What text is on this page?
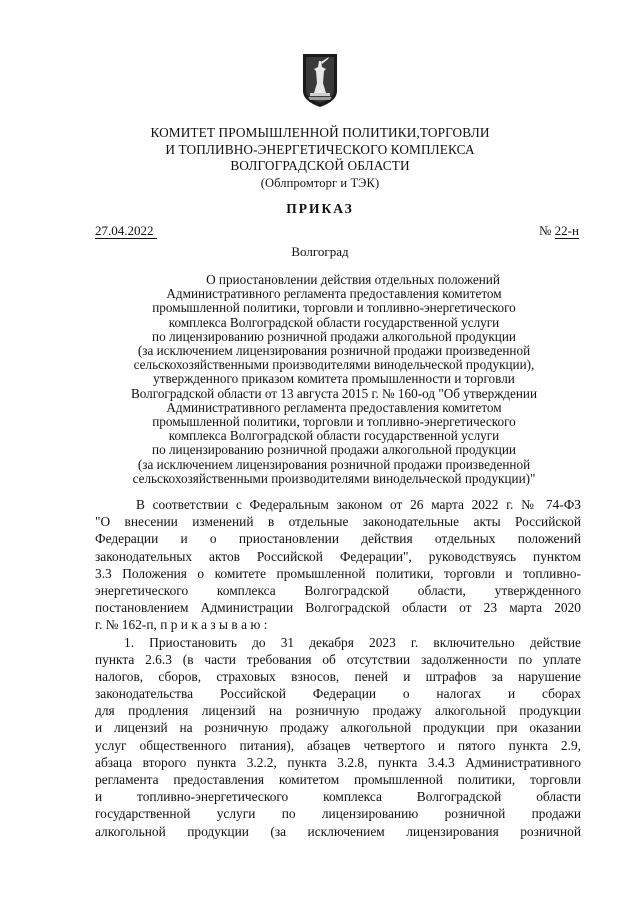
КОМИТЕТ ПРОМЫШЛЕННОЙ ПОЛИТИКИ,ТОРГОВЛИ
И ТОПЛИВНО-ЭНЕРГЕТИЧЕСКОГО КОМПЛЕКСА
ВОЛГОГРАДСКОЙ ОБЛАСТИ
(Облпромторг и ТЭК)
ПРИКАЗ
27.04.2022	№ 22-н
Волгоград
О приостановлении действия отдельных положений
Административного регламента предоставления комитетом
промышленной политики, торговли и топливно-энергетического
комплекса Волгоградской области государственной услуги
по лицензированию розничной продажи алкогольной продукции
(за исключением лицензирования розничной продажи произведенной
сельскохозяйственными производителями винодельческой продукции),
утвержденного приказом комитета промышленности и торговли
Волгоградской области от 13 августа 2015 г. № 160-од "Об утверждении
Административного регламента предоставления комитетом
промышленной политики, торговли и топливно-энергетического
комплекса Волгоградской области государственной услуги
по лицензированию розничной продажи алкогольной продукции
(за исключением лицензирования розничной продажи произведенной
сельскохозяйственными производителями винодельческой продукции)"
В соответствии с Федеральным законом от 26 марта 2022 г. № 74-ФЗ
"О внесении изменений в отдельные законодательные акты Российской
Федерации и о приостановлении действия отдельных положений
законодательных актов Российской Федерации", руководствуясь пунктом
3.3 Положения о комитете промышленной политики, торговли и топливно-
энергетического комплекса Волгоградской области, утвержденного
постановлением Администрации Волгоградской области от 23 марта 2020
г. № 162-п, п р и к а з ы в а ю :
1. Приостановить до 31 декабря 2023 г. включительно действие
пункта 2.6.3 (в части требования об отсутствии задолженности по уплате
налогов, сборов, страховых взносов, пеней и штрафов за нарушение
законодательства Российской Федерации о налогах и сборах
для продления лицензий на розничную продажу алкогольной продукции
и лицензий на розничную продажу алкогольной продукции при оказании
услуг общественного питания), абзацев четвертого и пятого пункта 2.9,
абзаца второго пункта 3.2.2, пункта 3.2.8, пункта 3.4.3 Административного
регламента предоставления комитетом промышленной политики, торговли
и топливно-энергетического комплекса Волгоградской области
государственной услуги по лицензированию розничной продажи
алкогольной продукции (за исключением лицензирования розничной
